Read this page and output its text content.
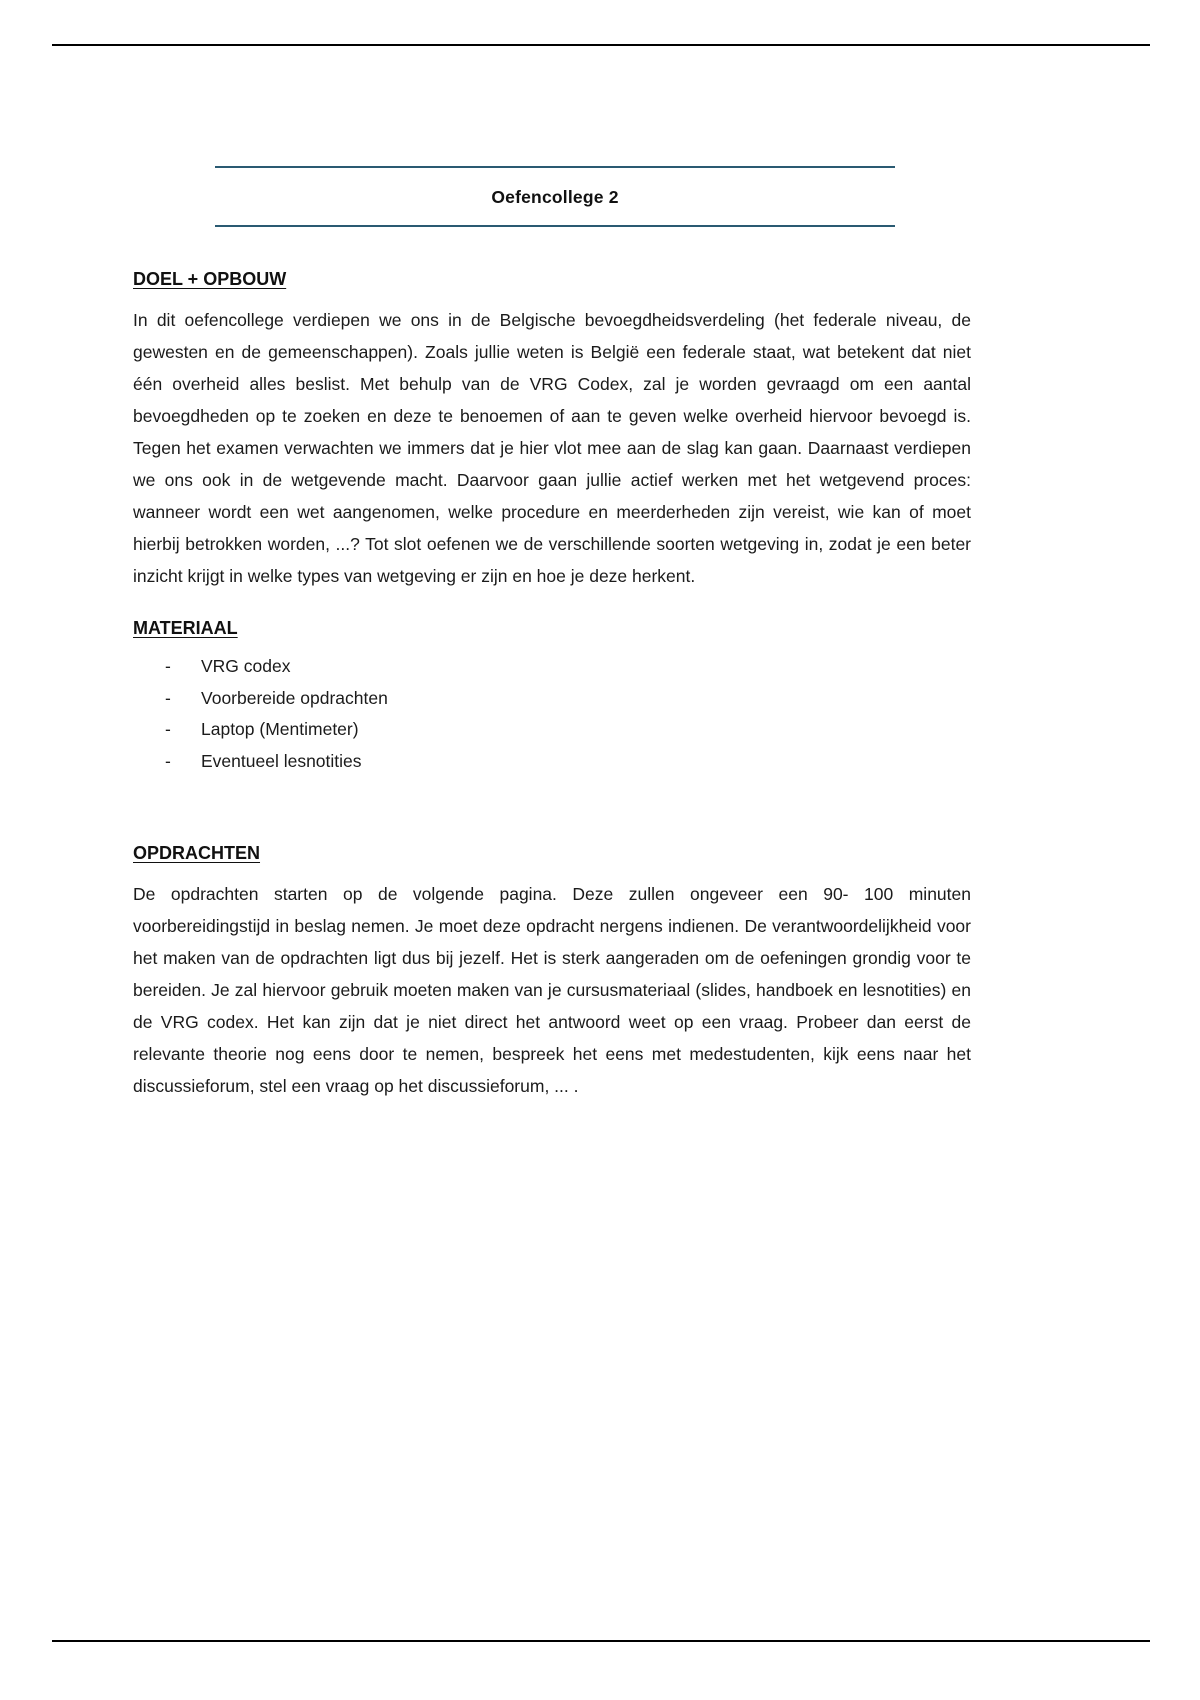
Oefencollege 2
DOEL + OPBOUW

In dit oefencollege verdiepen we ons in de Belgische bevoegdheidsverdeling (het federale niveau, de gewesten en de gemeenschappen). Zoals jullie weten is België een federale staat, wat betekent dat niet één overheid alles beslist. Met behulp van de VRG Codex, zal je worden gevraagd om een aantal bevoegdheden op te zoeken en deze te benoemen of aan te geven welke overheid hiervoor bevoegd is. Tegen het examen verwachten we immers dat je hier vlot mee aan de slag kan gaan. Daarnaast verdiepen we ons ook in de wetgevende macht. Daarvoor gaan jullie actief werken met het wetgevend proces: wanneer wordt een wet aangenomen, welke procedure en meerderheden zijn vereist, wie kan of moet hierbij betrokken worden, ...? Tot slot oefenen we de verschillende soorten wetgeving in, zodat je een beter inzicht krijgt in welke types van wetgeving er zijn en hoe je deze herkent.

MATERIAAL
-	VRG codex
-	Voorbereide opdrachten
-	Laptop (Mentimeter)
-	Eventueel lesnotities
OPDRACHTEN

De opdrachten starten op de volgende pagina. Deze zullen ongeveer een 90- 100 minuten voorbereidingstijd in beslag nemen. Je moet deze opdracht nergens indienen. De verantwoordelijkheid voor het maken van de opdrachten ligt dus bij jezelf. Het is sterk aangeraden om de oefeningen grondig voor te bereiden. Je zal hiervoor gebruik moeten maken van je cursusmateriaal (slides, handboek en lesnotities) en de VRG codex. Het kan zijn dat je niet direct het antwoord weet op een vraag. Probeer dan eerst de relevante theorie nog eens door te nemen, bespreek het eens met medestudenten, kijk eens naar het discussieforum, stel een vraag op het discussieforum, ... .
